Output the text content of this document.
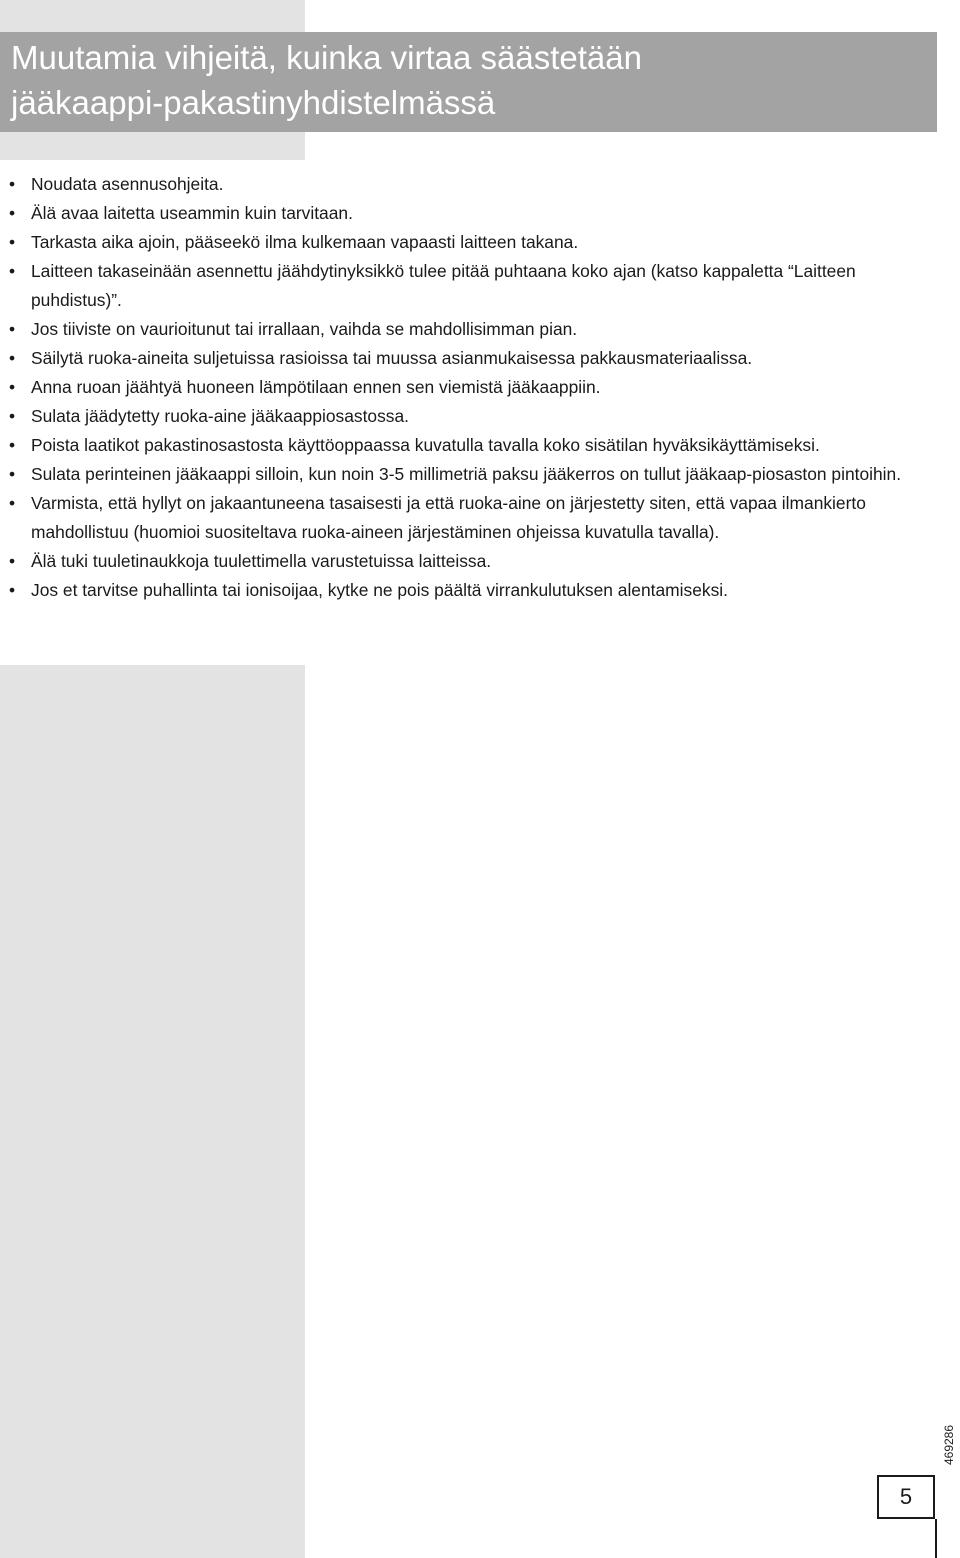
Muutamia vihjeitä, kuinka virtaa säästetään
jääkaappi-pakastinyhdistelmässä
• Noudata asennusohjeita.
• Älä avaa laitetta useammin kuin tarvitaan.
• Tarkasta aika ajoin, pääseekö ilma kulkemaan vapaasti laitteen takana.
• Laitteen takaseinään asennettu jäähdytinyksikkö tulee pitää puhtaana koko ajan (katso kappaletta “Laitteen puhdistus)”.
• Jos tiiviste on vaurioitunut tai irrallaan, vaihda se mahdollisimman pian.
• Säilytä ruoka-aineita suljetuissa rasioissa tai muussa asianmukaisessa pakkausmateriaalissa.
• Anna ruoan jäähtyä huoneen lämpötilaan ennen sen viemistä jääkaappiin.
• Sulata jäädytetty ruoka-aine jääkaappiosastossa.
• Poista laatikot pakastinosastosta käyttöoppaassa kuvatulla tavalla koko sisätilan hyväksikäyttämiseksi.
• Sulata perinteinen jääkaappi silloin, kun noin 3-5 millimetriä paksu jääkerros on tullut jääkaap-piosaston pintoihin.
• Varmista, että hyllyt on jakaantuneena tasaisesti ja että ruoka-aine on järjestetty siten, että vapaa ilmankierto mahdollistuu (huomioi suositeltava ruoka-aineen järjestäminen ohjeissa kuvatulla tavalla).
• Älä tuki tuuletinaukkoja tuulettimella varustetuissa laitteissa.
• Jos et tarvitse puhallinta tai ionisoijaa, kytke ne pois päältä virrankulutuksen alentamiseksi.
469286
5
